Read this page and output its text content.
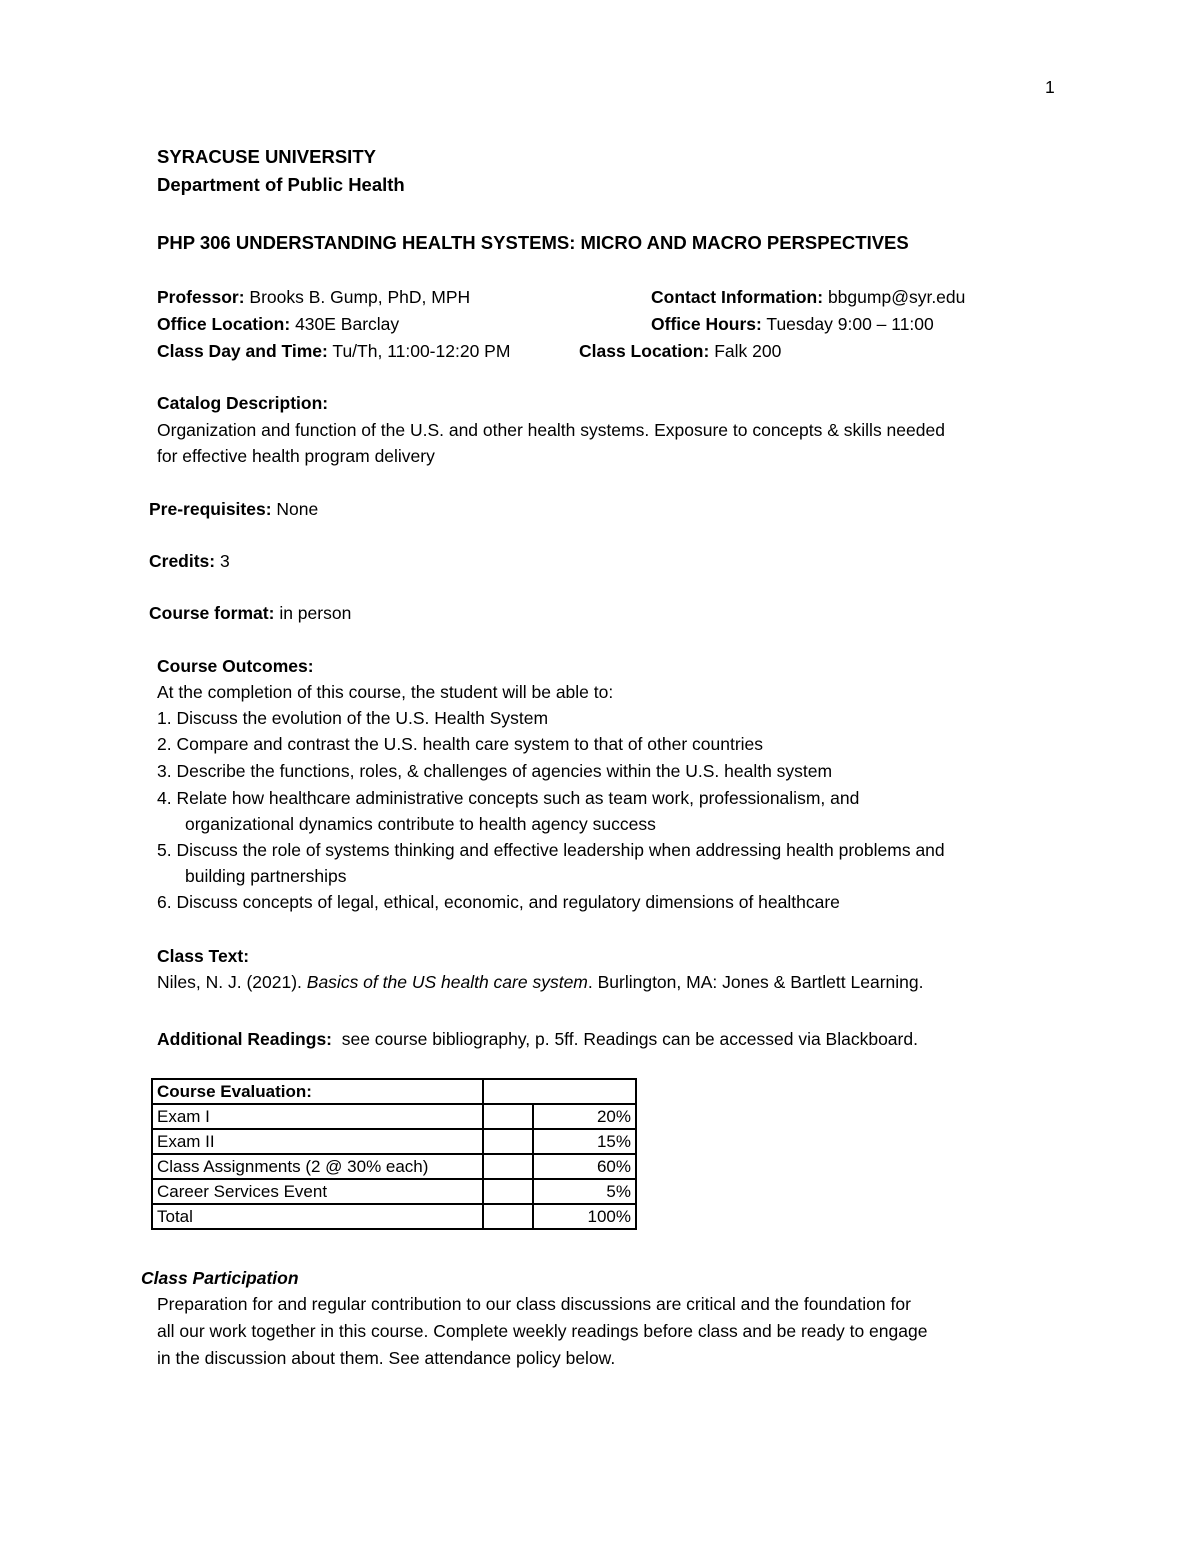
1
SYRACUSE UNIVERSITY
Department of Public Health
PHP 306 UNDERSTANDING HEALTH SYSTEMS: MICRO AND MACRO PERSPECTIVES
Professor: Brooks B. Gump, PhD, MPH	Contact Information: bbgump@syr.edu
Office Location: 430E Barclay	Office Hours: Tuesday 9:00 – 11:00
Class Day and Time: Tu/Th, 11:00-12:20 PM	Class Location: Falk 200
Catalog Description:
Organization and function of the U.S. and other health systems. Exposure to concepts & skills needed
for effective health program delivery
Pre-requisites: None
Credits: 3
Course format: in person
Course Outcomes:
At the completion of this course, the student will be able to:
1. Discuss the evolution of the U.S. Health System
2. Compare and contrast the U.S. health care system to that of other countries
3. Describe the functions, roles, & challenges of agencies within the U.S. health system
4. Relate how healthcare administrative concepts such as team work, professionalism, and
organizational dynamics contribute to health agency success
5. Discuss the role of systems thinking and effective leadership when addressing health problems and
building partnerships
6. Discuss concepts of legal, ethical, economic, and regulatory dimensions of healthcare
Class Text:
Niles, N. J. (2021). Basics of the US health care system. Burlington, MA: Jones & Bartlett Learning.
Additional Readings: see course bibliography, p. 5ff. Readings can be accessed via Blackboard.
Course Evaluation:		
Exam I		20%
Exam II		15%
Class Assignments (2 @ 30% each)		60%
Career Services Event		5%
Total		100%
Class Participation
Preparation for and regular contribution to our class discussions are critical and the foundation for
all our work together in this course. Complete weekly readings before class and be ready to engage
in the discussion about them. See attendance policy below.
